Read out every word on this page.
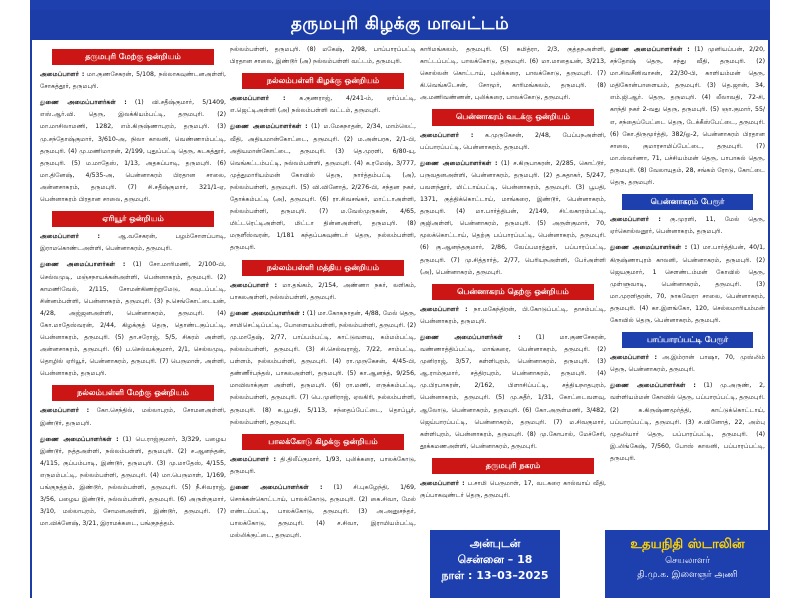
தருமபுரி கிழக்கு மாவட்டம்
தருமபுரி மேற்கு ஒன்றியம்
அமைப்பாளர் : மா.குணசேகரன், 5/108, நல்லாகவுண்டனஅள்ளி, சோகத்தூர், தருமபுரி.
துணை அமைப்பாளர்கள் : (1) வி.சதீஷ்குமார், 5/1409, எஸ்.ஆர்.வி. தெரு, இலக்கியம்பட்டி, தருமபுரி. (2) மா.மாசிலாமணி, 1282, எம்.கிருஷ்ணாபுரம், தருமபுரி. (3) மு.சந்தோஷ்குமார், 3/610-அ, நிலா காலனி, வெண்ணாம்பட்டி, தருமபுரி. (4) மு.மணிமாறன், 2/199, புதுப்பட்டி தெரு, கடகத்தூர், தருமபுரி. (5) ம.மாதேஸ், 1/13, அதகப்பாடி, தருமபுரி. (6) மா.தினேஷ், 4/535-அ, பென்னாகரம் பிரதான சாலை, அன்னசாகரம், தருமபுரி. (7) சி.சதீஷ்குமார், 321/1-ஏ, பென்னாகரம் பிரதான சாலை, தருமபுரி.
ஏரியூர் ஒன்றியம்
அமைப்பாளர் :	ஆ.வசேகரன், பழம்சோளப்பாடி, இராமகொண்டஅள்ளி, பென்னாகரம், தருமபுரி.
துணை அமைப்பாளர்கள் : (1) சோ.மாரிமணி, 2/100-பி, செல்லமுடி, மஞ்சநாயக்கன்அள்ளி, பென்னாகரம், தருமபுரி. (2) காமணிவேல், 2/115, சோமன்கிணற்றுமேடு, கவுடப்பட்டி, சின்னம்பள்ளி, பென்னாகரம், தருமபுரி. (3) ந.செங்கோட்டையன், 4/28, அஜ்ஜனஅள்ளி, பென்னாகரம், தருமபுரி. (4) கோ.மாதேஸ்வரன், 2/44, கிழக்குத் தெரு, தொண்டகுப்பட்டி, பென்னாகரம், தருமபுரி. (5) தா.சரோஜ், 5/5, சிகரம் அள்ளி, அன்னசாகரம், தருமபுரி. (6) ப.செல்வக்குமார், 2/1, செல்லமுடி, தொழில் ஏரியூர், பென்னாகரம், தருமபுரி. (7) பெருமாள், அள்ளி, பென்னாகரம், தருமபுரி.
நல்லம்பள்ளி மேற்கு ஒன்றியம்
அமைப்பாளர் : கோ.செந்தில், மல்லாபுரம், சோமனஅள்ளி, இண்டூர், தருமபுரி.
துணை அமைப்பாளர்கள் : (1) பெ.ராஜ்குமார், 3/329, பழைய இண்டூர், நத்தஅள்ளி, நல்லம்பள்ளி, தருமபுரி. (2) ச.ஆனந்தன், 4/115, குப்பம்பாடி, இண்டூர், தருமபுரி. (3) மு.மாதேஸ், 4/155, எருமம்பட்டி, நல்லம்பள்ளி, தருமபுரி. (4) மா.பெருமாள், 1/169, பங்குநத்தம், இண்டூர், நல்லம்பள்ளி, தருமபுரி. (5) நீ.சிவராஜ், 3/56, பழைய இண்டூர், நல்லம்பள்ளி, தருமபுரி. (6) அருள்குமார், 3/10, மல்லாபுரம், சோமனஅள்ளி, இண்டூர், தருமபுரி. (7) மா.விக்னேஷ், 3/21, இராமக்கடை, பங்குநத்தம்.
நல்லம்பள்ளி, தருமபுரி. (8) மகேஷ், 2/98, பாப்பாரப்பட்டி பிரதான சாலை, இண்டூர் (அ) நல்லம்பள்ளி வட்டம், தருமபுரி.
நல்லம்பள்ளி கிழக்கு ஒன்றியம்
அமைப்பாளர் : க.குணராஜ், 4/241-ம், ஏர்ப்பட்டி, எ.ஜெட்டிஅள்ளி (அ) நல்லம்பள்ளி வட்டம், தருமபுரி.
துணை அமைப்பாளர்கள் : (1) ம.மேகநாதன், 2/34, மாம்லெட், வீதி, அதியமான்கோட்டை, தருமபுரி. (2) ம.அன்பரசு, 2/1-பி, அதியமான்கோட்டை, தருமபுரி. (3) தெ.முரளி, 6/80-யு, வெங்கட்டம்பட்டி, நல்லம்பள்ளி, தருமபுரி. (4) க.ரமேஷ், 3/777, முத்துமாரியம்மன் கோவில் தெரு, நார்த்தம்பட்டி (அ), நல்லம்பள்ளி, தருமபுரி. (5) வி.வினோத், 2/276-பி, சந்தன நகர், தோக்கம்பட்டி (அ), தருமபுரி. (6) ரா.சிவசங்கர், மாட்டாஅள்ளி, நல்லம்பள்ளி, தருமபுரி. (7) ம.வேல்முருகன், 4/65, மிட்டரெட்டிஅள்ளி, மிட்டா தின்னஅள்ளி, தருமபுரி. (8) மருளீஸ்வரன், 1/181 கந்தப்பகவுண்டர் தெரு, நல்லம்பள்ளி, தருமபுரி.
நல்லம்பள்ளி மத்திய ஒன்றியம்
அமைப்பாளர் : மா.தங்கம், 2/154, அண்ணா நகர், லளிகம், பாகலஅள்ளி, நல்லம்பள்ளி, தருமபுரி.
துணை அமைப்பாளர்கள் : (1) மா.கோகநாதன், 4/88, மேல் தெரு, சாமிசெட்டிப்பட்டி, போளையம்பள்ளி, நல்லம்பள்ளி, தருமபுரி. (2) மு.மாதேஷ், 2/77, பாப்பம்பட்டி, காட்டுவளவு, கம்மம்பட்டி, நல்லம்பள்ளி, தருமபுரி. (3) சி.செல்வராஜ், 7/22, சாம்பட்டி, பள்ளம், நல்லம்பள்ளி, தருமபுரி. (4) ரா.முருகேசன், 4/45-பி, தண்ணீர்பந்தல், பாகலஅள்ளி, தருமபுரி. (5) கா.ஆனந்த், 9/256, மாவிலாக்குள அள்ளி, தருமபுரி. (6) ரா.மணி, எருக்கம்பட்டி, நல்லம்பள்ளி, தருமபுரி. (7) பெ.முனிராஜ், ஏலகிரி, நல்லம்பள்ளி, தருமபுரி. (8) க.பூபதி, 5/113, சந்தைப்பேட்டை, தொப்பூர், நல்லம்பள்ளி, தருமபுரி.
பாலக்கோடு கிழக்கு ஒன்றியம்
அமைப்பாளர் : தி.திலீப்குமார், 1/93, புலிக்கரை, பாலக்கோடு, தருமபுரி.
துணை அமைப்பாளர்கள் : (1) சி.புகழேந்தி, 1/69, சொக்கன்கொட்டாய், பாலக்கோடு, தருமபுரி. (2) கை.சிவா, மேல் எண்டப்பட்டி, பாலக்கோடு, தருமபுரி. (3) அ.அனுசந்தர், பாலக்கோடு, தருமபுரி. (4) ச.சிவா, இராமியம்பட்டி, மல்லிக்குட்டை, தருமபுரி.
காரிமங்கலம், தருமபுரி. (5) சுமித்ரா, 2/3, குத்தநஅள்ளி, காட்டப்பட்டி, பாலக்கோடு, தருமபுரி. (6) மா.மாதையன், 3/213, கொல்லன் கொட்டாய், புலிக்கரை, பாலக்கோடு, தருமபுரி. (7) கி.வெங்கடேசன், சோமூர், காரிமங்கலம், தருமபுரி. (8) அ.மணிவண்ணன், புலிக்கரை, பாலக்கோடு, தருமபுரி.
பென்னாகரம் வடக்கு ஒன்றியம்
அமைப்பாளர் : க.முருகேசன், 2/48, பேப்பநஅள்ளி, பப்பாரப்பட்டி, பென்னாகரம், தருமபுரி.
துணை அமைப்பாளர்கள் : (1) ச.கிருபாகரன், 2/285, கொட்டூர், பருவதனஅள்ளி, பென்னாகரம், தருமபுரி. (2) த.சுதாகர், 5/247, பவளந்தூர், மிட்டாய்பட்டி, பென்னாகரம், தருமபுரி. (3) பூபதி, 1371, குத்திக்கொட்டாய், மாங்கரை, இண்டூர், பென்னாகரம், தருமபுரி. (4) மா.பார்த்திபன், 2/149, சிட்லகாரம்பட்டி, குஜிஅள்ளி, பென்னாகரம், தருமபுரி. (5) அருள்குமார், 70, மூலக்கொட்டாய், தெற்கு பப்பாரப்பட்டி, பென்னாகரம், தருமபுரி. (6) கு.ஆனந்தகுமார், 2/86, வேப்பமரத்தூர், பப்பாரப்பட்டி, தருமபுரி. (7) மு.சித்தார்த், 2/77, பெரியநஅள்ளி, பேர்அள்ளி (அ), பென்னாகரம், தருமபுரி.
பென்னாகரம் தெற்கு ஒன்றியம்
அமைப்பாளர் : நா.மகேந்திரன், பி.கோடுப்பட்டி, தாசம்பட்டி, பென்னாகரம், தருமபுரி.
துணை அமைப்பாளர்கள் : (1) மா.குணசேகரன், வண்ணாத்திப்பட்டி, மாங்கரை, பென்னாகரம், தருமபுரி. (2) முனிராஜ், 3/57, கள்ளிபுரம், பென்னாகரம், தருமபுரி. (3) ஆ.ராம்குமார், சத்திரபுரம், பென்னாகரம், தருமபுரி. (4) மு.பிரபாகரன், 2/162, பிளாசிப்பட்டி, சத்தியநாதபுரம், பென்னாகரம், தருமபுரி. (5) மு.சுதீர், 1/31, கோட்டைவளவு, ஆலோடு, பென்னாகரம், தருமபுரி. (6) கோ.அருள்மணி, 3/482, ஜெய்பாரப்பட்டி, பென்னாகரம், தருமபுரி. (7) ம.சிவகுமார், கள்ளிபுரம், பென்னாகரம், தருமபுரி. (8) மு.கோபால், மேச்சேரி, தூக்கமணஅள்ளி, பென்னாகரம், தருமபுரி.
தருமபுரி நகரம்
அமைப்பாளர் : ப.சாமி பெருமாள், 17, வடகரை கால்வாய் வீதி, குப்பாகவுண்டர் தெரு, தருமபுரி.
துணை அமைப்பாளர்கள் : (1) முனியப்பன், 2/20, சந்தோஷ் தெரு, சந்து வீதி, தருமபுரி. (2) மா.சிவசீனிவாசன், 22/30-பி, காளியம்மன் தெரு, மதிகோன்பாளையம், தருமபுரி. (3) தெ.ஜான், 34, எம்.ஜி.ஆர். தெரு, தருமபுரி. (4) லீலாவதி, 72-சி, காந்தி நகர் 2-வது தெரு, தருமபுரி. (5) ஞா.குமார், 55/எ, சந்தைப்பேட்டை தெரு, டேக்கீஸ்பேட்டை, தருமபுரி. (6) கோ.திருமூர்த்தி, 382/ஓ-2, பென்னாகரம் பிரதான சாலை, குமாரசாமிப்பேட்டை, தருமபுரி. (7) மா.ஸ்வர்ணா, 71, பச்சியம்மன் தெரு, பாபாகல் தெரு, தருமபுரி. (8) வேலாயுதம், 28, சங்கம் ரோடு, கோட்டை தெரு, தருமபுரி.
பென்னாகரம் பேரூர்
அமைப்பாளர் : கு.முரளி, 11, மேல் தெரு, ஏர்கொல்லனூர், பென்னாகரம், தருமபுரி.
துணை அமைப்பாளர்கள் : (1) மா.பார்த்திபன், 40/1, கிருஷ்ணாபுரம் காலனி, பென்னாகரம், தருமபுரி. (2) ஜெயகுமார், 1 சௌண்டம்மன் கோவில் தெரு, முள்ளுவாடி, பென்னாகரம், தருமபுரி. (3) மா.முரளிதரன், 70, நாகவேரா சாலை, பென்னாகரம், தருமபுரி. (4) கா.இளங்கோ, 120, செல்லமாரியம்மன் கோவில் தெரு, பென்னாகரம், தருமபுரி.
பாப்பாரப்பட்டி பேரூர்
அமைப்பாளர் : அ.இம்ரான் பாஷா, 70, முஸ்லிம் தெரு, பென்னாகரம், தருமபுரி.
துணை அமைப்பாளர்கள் : (1) மு.அருண், 2, வள்ளியம்மன் கோவில் தெரு, பப்பாரப்பட்டி, தருமபுரி. (2) க.கிருஷ்ணமூர்த்தி, காட்டுக்கொட்டாய், பப்பாரப்பட்டி, தருமபுரி. (3) ச.வினோத், 22, அம்பு முதலியார் தெரு, பப்பாரப்பட்டி, தருமபுரி. (4) இ.லிங்கேஷ், 7/560, போஸ் காலனி, பப்பாரப்பட்டி, தருமபுரி.
அன்புடன்
சென்னை – 18
நாள் : 13–03–2025
உதயநிதி ஸ்டாலின்
செயலாளர்
தி.மு.க. இளைஞர் அணி
